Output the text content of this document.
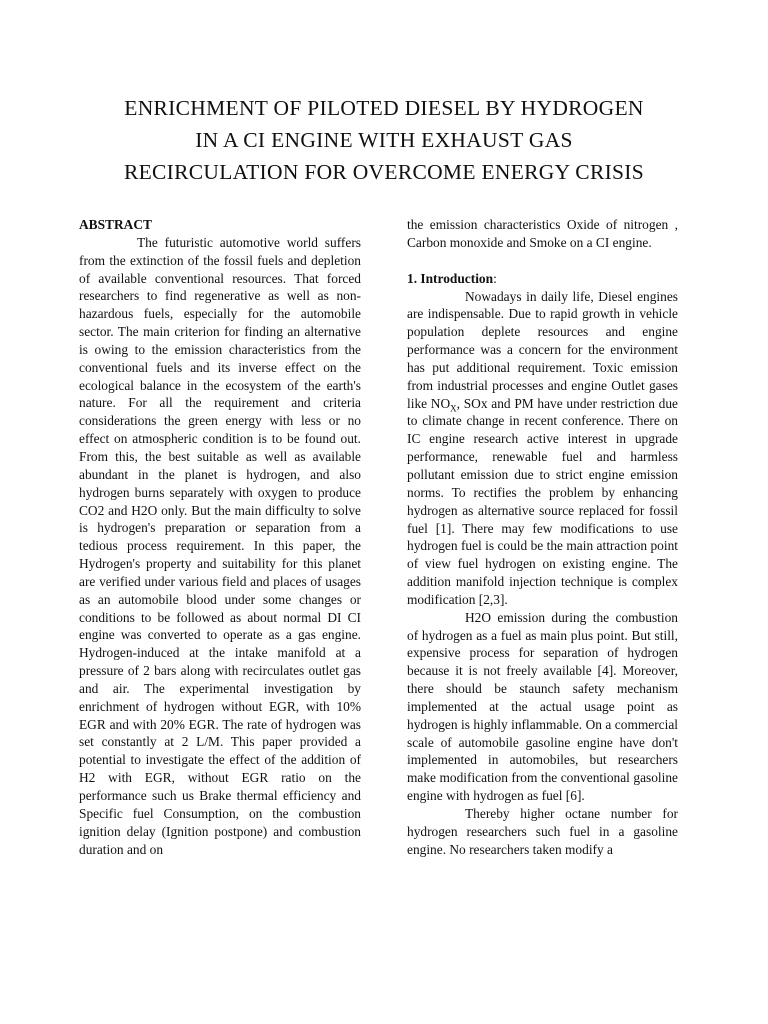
ENRICHMENT OF PILOTED DIESEL BY HYDROGEN
IN A CI ENGINE WITH EXHAUST GAS
RECIRCULATION FOR OVERCOME ENERGY CRISIS

ABSTRACT

The futuristic automotive world suffers from the extinction of the fossil fuels and depletion of available conventional resources. That forced researchers to find regenerative as well as non-hazardous fuels, especially for the automobile sector. The main criterion for finding an alternative is owing to the emission characteristics from the conventional fuels and its inverse effect on the ecological balance in the ecosystem of the earth's nature. For all the requirement and criteria considerations the green energy with less or no effect on atmospheric condition is to be found out. From this, the best suitable as well as available abundant in the planet is hydrogen, and also hydrogen burns separately with oxygen to produce CO2 and H2O only. But the main difficulty to solve is hydrogen's preparation or separation from a tedious process requirement. In this paper, the Hydrogen's property and suitability for this planet are verified under various field and places of usages as an automobile blood under some changes or conditions to be followed as about normal DI CI engine was converted to operate as a gas engine. Hydrogen-induced at the intake manifold at a pressure of 2 bars along with recirculates outlet gas and air. The experimental investigation by enrichment of hydrogen without EGR, with 10% EGR and with 20% EGR. The rate of hydrogen was set constantly at 2 L/M. This paper provided a potential to investigate the effect of the addition of H2 with EGR, without EGR ratio on the performance such us Brake thermal efficiency and Specific fuel Consumption, on the combustion ignition delay (Ignition postpone) and combustion duration and on

the emission characteristics Oxide of nitrogen , Carbon monoxide and Smoke on a CI engine.

1. Introduction:

Nowadays in daily life, Diesel engines are indispensable. Due to rapid growth in vehicle population deplete resources and engine performance was a concern for the environment has put additional requirement. Toxic emission from industrial processes and engine Outlet gases like $NO_X$, SOx and PM have under restriction due to climate change in recent conference. There on IC engine research active interest in upgrade performance, renewable fuel and harmless pollutant emission due to strict engine emission norms. To rectifies the problem by enhancing hydrogen as alternative source replaced for fossil fuel [1]. There may few modifications to use hydrogen fuel is could be the main attraction point of view fuel hydrogen on existing engine. The addition manifold injection technique is complex modification [2,3].

H2O emission during the combustion of hydrogen as a fuel as main plus point. But still, expensive process for separation of hydrogen because it is not freely available [4]. Moreover, there should be staunch safety mechanism implemented at the actual usage point as hydrogen is highly inflammable. On a commercial scale of automobile gasoline engine have don't implemented in automobiles, but researchers make modification from the conventional gasoline engine with hydrogen as fuel [6].

Thereby higher octane number for hydrogen researchers such fuel in a gasoline engine. No researchers taken modify a
